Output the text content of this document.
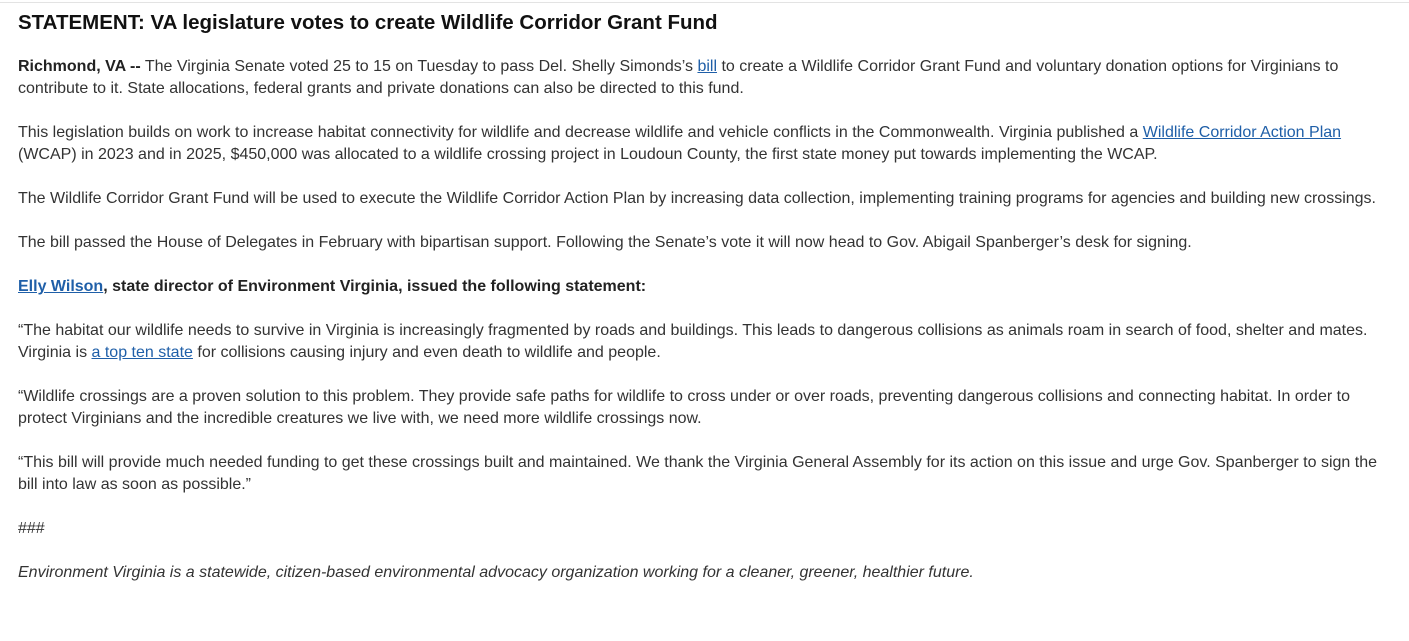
STATEMENT: VA legislature votes to create Wildlife Corridor Grant Fund

Richmond, VA -- The Virginia Senate voted 25 to 15 on Tuesday to pass Del. Shelly Simonds’s bill to create a Wildlife Corridor Grant Fund and voluntary donation options for Virginians to contribute to it. State allocations, federal grants and private donations can also be directed to this fund.

This legislation builds on work to increase habitat connectivity for wildlife and decrease wildlife and vehicle conflicts in the Commonwealth. Virginia published a Wildlife Corridor Action Plan (WCAP) in 2023 and in 2025, $450,000 was allocated to a wildlife crossing project in Loudoun County, the first state money put towards implementing the WCAP.

The Wildlife Corridor Grant Fund will be used to execute the Wildlife Corridor Action Plan by increasing data collection, implementing training programs for agencies and building new crossings.

The bill passed the House of Delegates in February with bipartisan support. Following the Senate’s vote it will now head to Gov. Abigail Spanberger’s desk for signing.

Elly Wilson, state director of Environment Virginia, issued the following statement:

“The habitat our wildlife needs to survive in Virginia is increasingly fragmented by roads and buildings. This leads to dangerous collisions as animals roam in search of food, shelter and mates. Virginia is a top ten state for collisions causing injury and even death to wildlife and people.

“Wildlife crossings are a proven solution to this problem. They provide safe paths for wildlife to cross under or over roads, preventing dangerous collisions and connecting habitat. In order to protect Virginians and the incredible creatures we live with, we need more wildlife crossings now.

“This bill will provide much needed funding to get these crossings built and maintained. We thank the Virginia General Assembly for its action on this issue and urge Gov. Spanberger to sign the bill into law as soon as possible.”

###

Environment Virginia is a statewide, citizen-based environmental advocacy organization working for a cleaner, greener, healthier future.
